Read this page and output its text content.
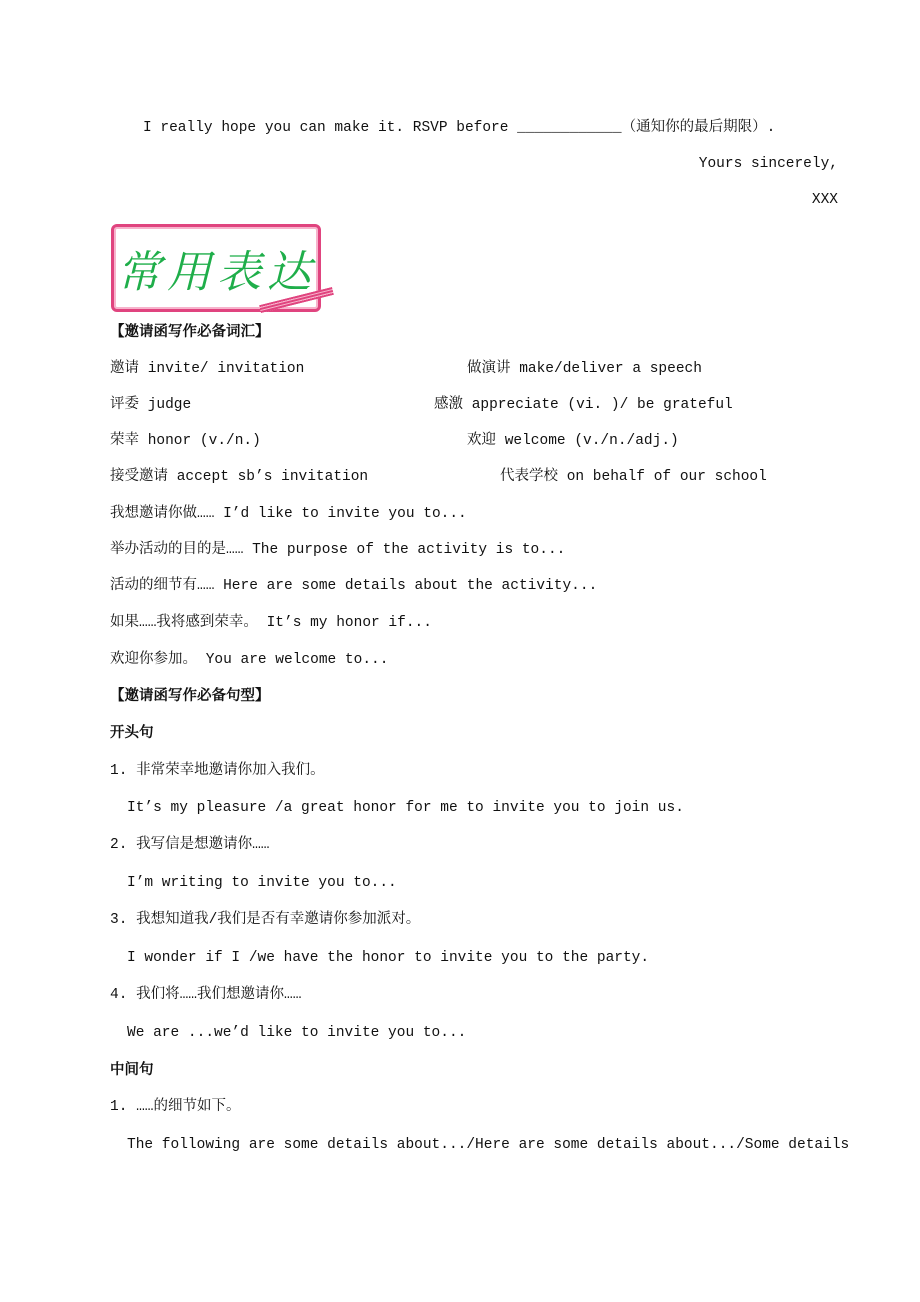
I really hope you can make it. RSVP before ____________（通知你的最后期限）.
Yours sincerely,
XXX
常用表达
【邀请函写作必备词汇】
邀请 invite/ invitation	做演讲 make/deliver a speech
评委 judge	感激 appreciate (vi. )/ be grateful
荣幸 honor (v./n.)	欢迎 welcome (v./n./adj.)
接受邀请 accept sb’s invitation	代表学校 on behalf of our school
我想邀请你做…… I’d like to invite you to...
举办活动的目的是…… The purpose of the activity is to...
活动的细节有…… Here are some details about the activity...
如果……我将感到荣幸。 It’s my honor if...
欢迎你参加。 You are welcome to...
【邀请函写作必备句型】
开头句
1. 非常荣幸地邀请你加入我们。
It’s my pleasure /a great honor for me to invite you to join us.
2. 我写信是想邀请你……
I’m writing to invite you to...
3. 我想知道我/我们是否有幸邀请你参加派对。
I wonder if I /we have the honor to invite you to the party.
4. 我们将……我们想邀请你……
We are ...we’d like to invite you to...
中间句
1. ……的细节如下。
The following are some details about.../Here are some details about.../Some details
